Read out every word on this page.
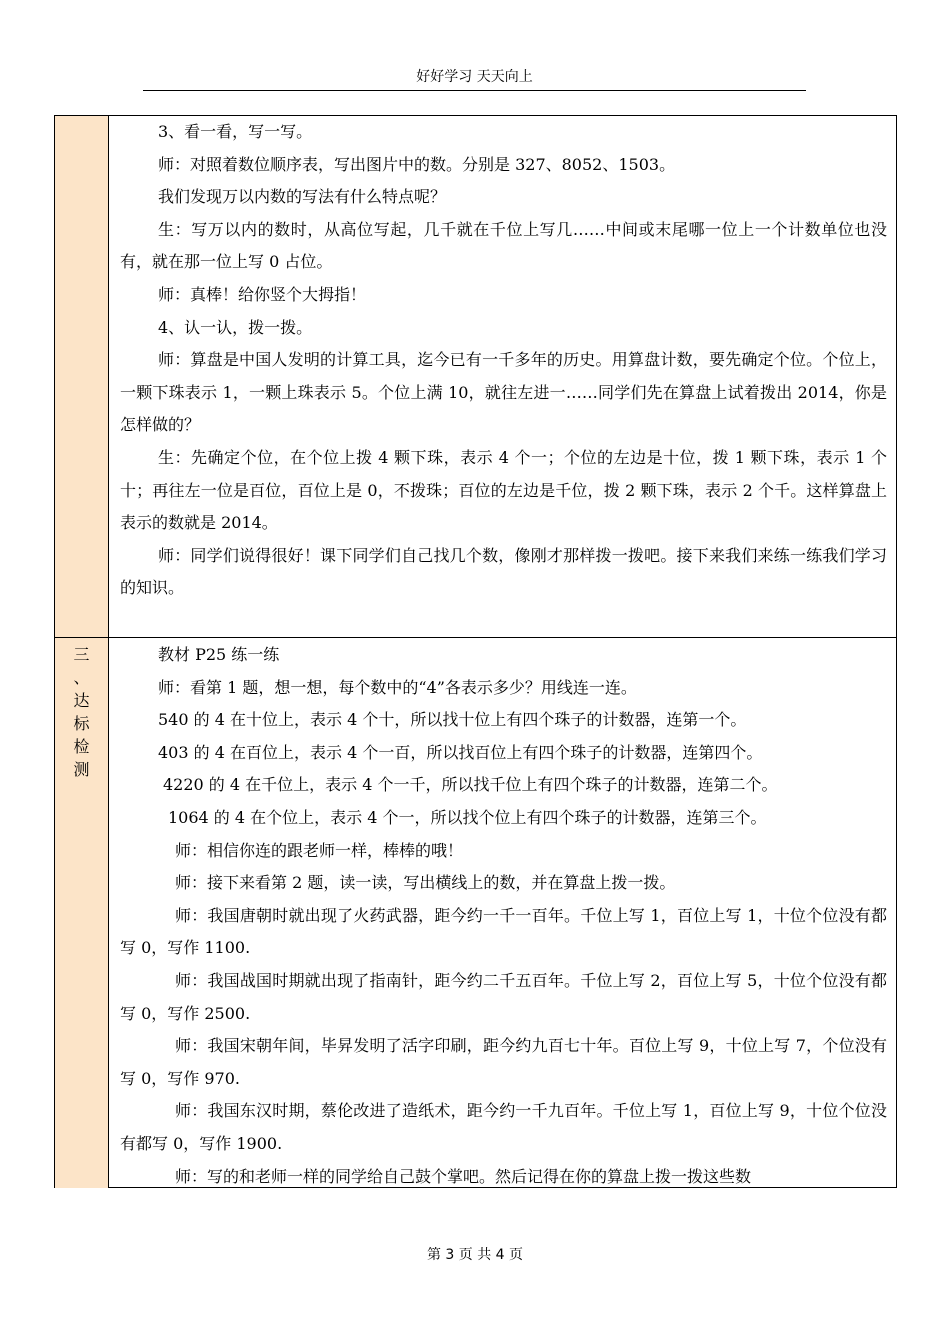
好好学习 天天向上
三
、
达
标
检
测

3、看一看，写一写。

师：对照着数位顺序表，写出图片中的数。分别是 327、8052、1503。

我们发现万以内数的写法有什么特点呢？

生：写万以内的数时，从高位写起，几千就在千位上写几……中间或末尾哪一位上一个计数单位也没有，就在那一位上写 0 占位。

师：真棒！给你竖个大拇指！

4、认一认，拨一拨。

师：算盘是中国人发明的计算工具，迄今已有一千多年的历史。用算盘计数，要先确定个位。个位上，一颗下珠表示 1，一颗上珠表示 5。个位上满 10，就往左进一……同学们先在算盘上试着拨出 2014，你是怎样做的？

生：先确定个位，在个位上拨 4 颗下珠，表示 4 个一；个位的左边是十位，拨 1 颗下珠，表示 1 个十；再往左一位是百位，百位上是 0，不拨珠；百位的左边是千位，拨 2 颗下珠，表示 2 个千。这样算盘上表示的数就是 2014。

师：同学们说得很好！课下同学们自己找几个数，像刚才那样拨一拨吧。接下来我们来练一练我们学习的知识。

教材 P25 练一练

师：看第 1 题，想一想，每个数中的“4”各表示多少？用线连一连。

540 的 4 在十位上，表示 4 个十，所以找十位上有四个珠子的计数器，连第一个。

403 的 4 在百位上，表示 4 个一百，所以找百位上有四个珠子的计数器，连第四个。

4220 的 4 在千位上，表示 4 个一千，所以找千位上有四个珠子的计数器，连第二个。

1064 的 4 在个位上，表示 4 个一，所以找个位上有四个珠子的计数器，连第三个。

师：相信你连的跟老师一样，棒棒的哦！

师：接下来看第 2 题，读一读，写出横线上的数，并在算盘上拨一拨。

师：我国唐朝时就出现了火药武器，距今约一千一百年。千位上写 1，百位上写 1，十位个位没有都写 0，写作 1100.

师：我国战国时期就出现了指南针，距今约二千五百年。千位上写 2，百位上写 5，十位个位没有都写 0，写作 2500.

师：我国宋朝年间，毕昇发明了活字印刷，距今约九百七十年。百位上写 9，十位上写 7，个位没有写 0，写作 970.

师：我国东汉时期，蔡伦改进了造纸术，距今约一千九百年。千位上写 1，百位上写 9，十位个位没有都写 0，写作 1900.

师：写的和老师一样的同学给自己鼓个掌吧。然后记得在你的算盘上拨一拨这些数

第 3 页 共 4 页
